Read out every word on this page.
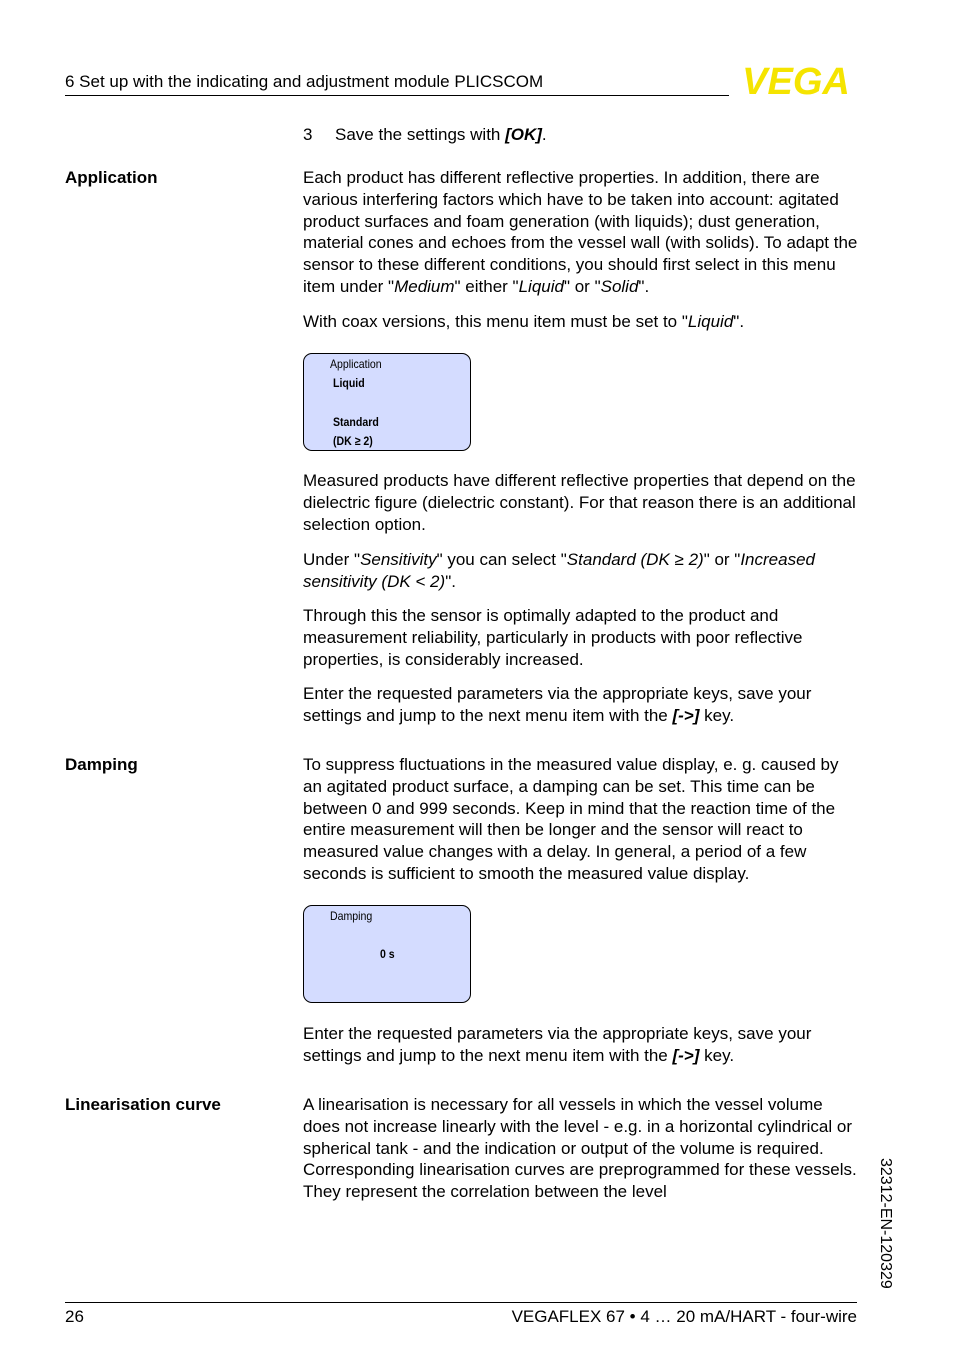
6 Set up with the indicating and adjustment module PLICSCOM	VEGA
3 Save the settings with [OK].
Application	Each product has different reflective properties. In addition, there are various interfering factors which have to be taken into account: agitated product surfaces and foam generation (with liquids); dust generation, material cones and echoes from the vessel wall (with solids). To adapt the sensor to these different conditions, you should first select in this menu item under "Medium" either "Liquid" or "Solid".

With coax versions, this menu item must be set to "Liquid".

Application
Liquid
Standard
(DK ≥ 2)

Measured products have different reflective properties that depend on the dielectric figure (dielectric constant). For that reason there is an additional selection option.

Under "Sensitivity" you can select "Standard (DK ≥ 2)" or "Increased sensitivity (DK < 2)".

Through this the sensor is optimally adapted to the product and measurement reliability, particularly in products with poor reflective properties, is considerably increased.

Enter the requested parameters via the appropriate keys, save your settings and jump to the next menu item with the [->] key.

Damping	To suppress fluctuations in the measured value display, e. g. caused by an agitated product surface, a damping can be set. This time can be between 0 and 999 seconds. Keep in mind that the reaction time of the entire measurement will then be longer and the sensor will react to measured value changes with a delay. In general, a period of a few seconds is sufficient to smooth the measured value display.

Damping
0 s

Enter the requested parameters via the appropriate keys, save your settings and jump to the next menu item with the [->] key.

Linearisation curve	A linearisation is necessary for all vessels in which the vessel volume does not increase linearly with the level - e.g. in a horizontal cylindrical or spherical tank - and the indication or output of the volume is required. Corresponding linearisation curves are preprogrammed for these vessels. They represent the correlation between the level	32312-EN-120329
26	VEGAFLEX 67 • 4 … 20 mA/HART - four-wire
